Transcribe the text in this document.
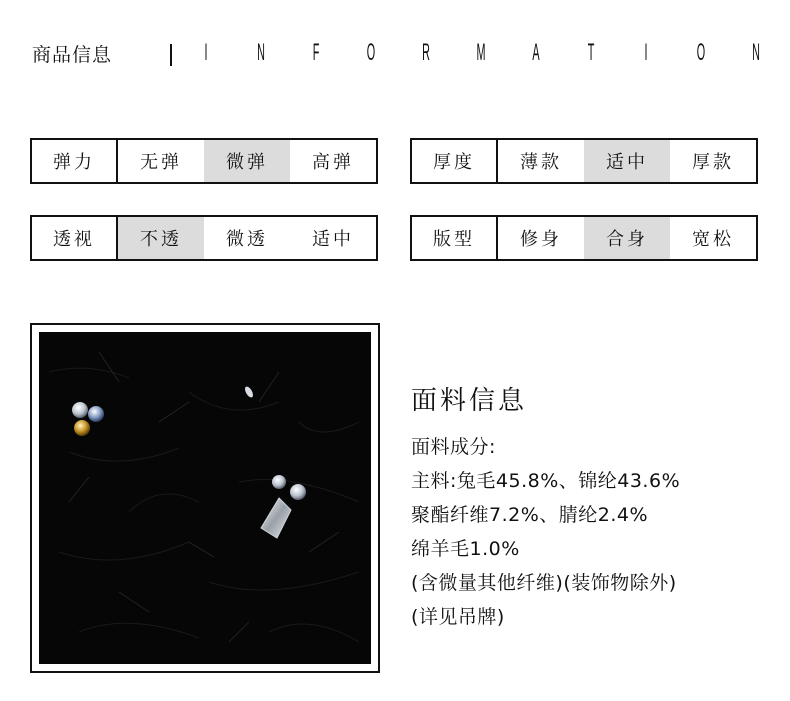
商品信息	I N F O R M A T I O N
弹力	无弹	微弹	高弹	厚度	薄款	适中	厚款
透视	不透	微透	适中	版型	修身	合身	宽松
面料信息
面料成分:
主料:兔毛45.8%、锦纶43.6%
聚酯纤维7.2%、腈纶2.4%
绵羊毛1.0%
(含微量其他纤维)(装饰物除外)
(详见吊牌)
